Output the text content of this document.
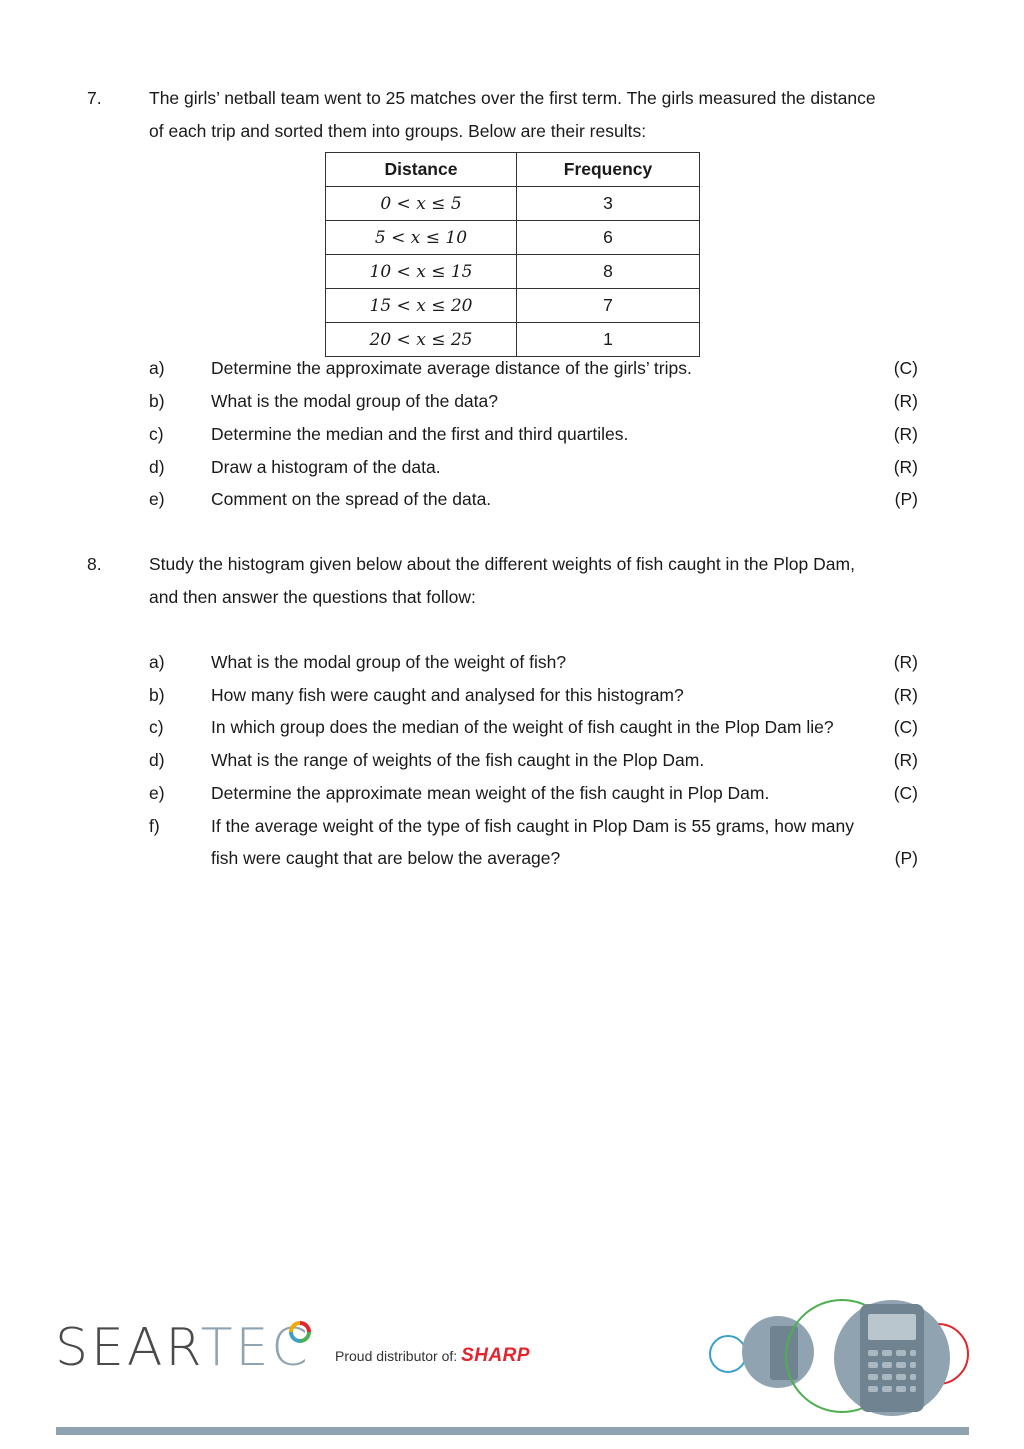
7.	The girls’ netball team went to 25 matches over the first term. The girls measured the distance
of each trip and sorted them into groups. Below are their results:
Distance	Frequency
0 < x ≤ 5	3
5 < x ≤ 10	6
10 < x ≤ 15	8
15 < x ≤ 20	7
20 < x ≤ 25	1
a)	Determine the approximate average distance of the girls’ trips.	(C)
b)	What is the modal group of the data?	(R)
c)	Determine the median and the first and third quartiles.	(R)
d)	Draw a histogram of the data.	(R)
e)	Comment on the spread of the data.	(P)
8.	Study the histogram given below about the different weights of fish caught in the Plop Dam,
and then answer the questions that follow:
a)	What is the modal group of the weight of fish?	(R)
b)	How many fish were caught and analysed for this histogram?	(R)
c)	In which group does the median of the weight of fish caught in the Plop Dam lie?	(C)
d)	What is the range of weights of the fish caught in the Plop Dam.	(R)
e)	Determine the approximate mean weight of the fish caught in Plop Dam.	(C)
f)	If the average weight of the type of fish caught in Plop Dam is 55 grams, how many
fish were caught that are below the average?	(P)
SEARTEC Proud distributor of: SHARP
